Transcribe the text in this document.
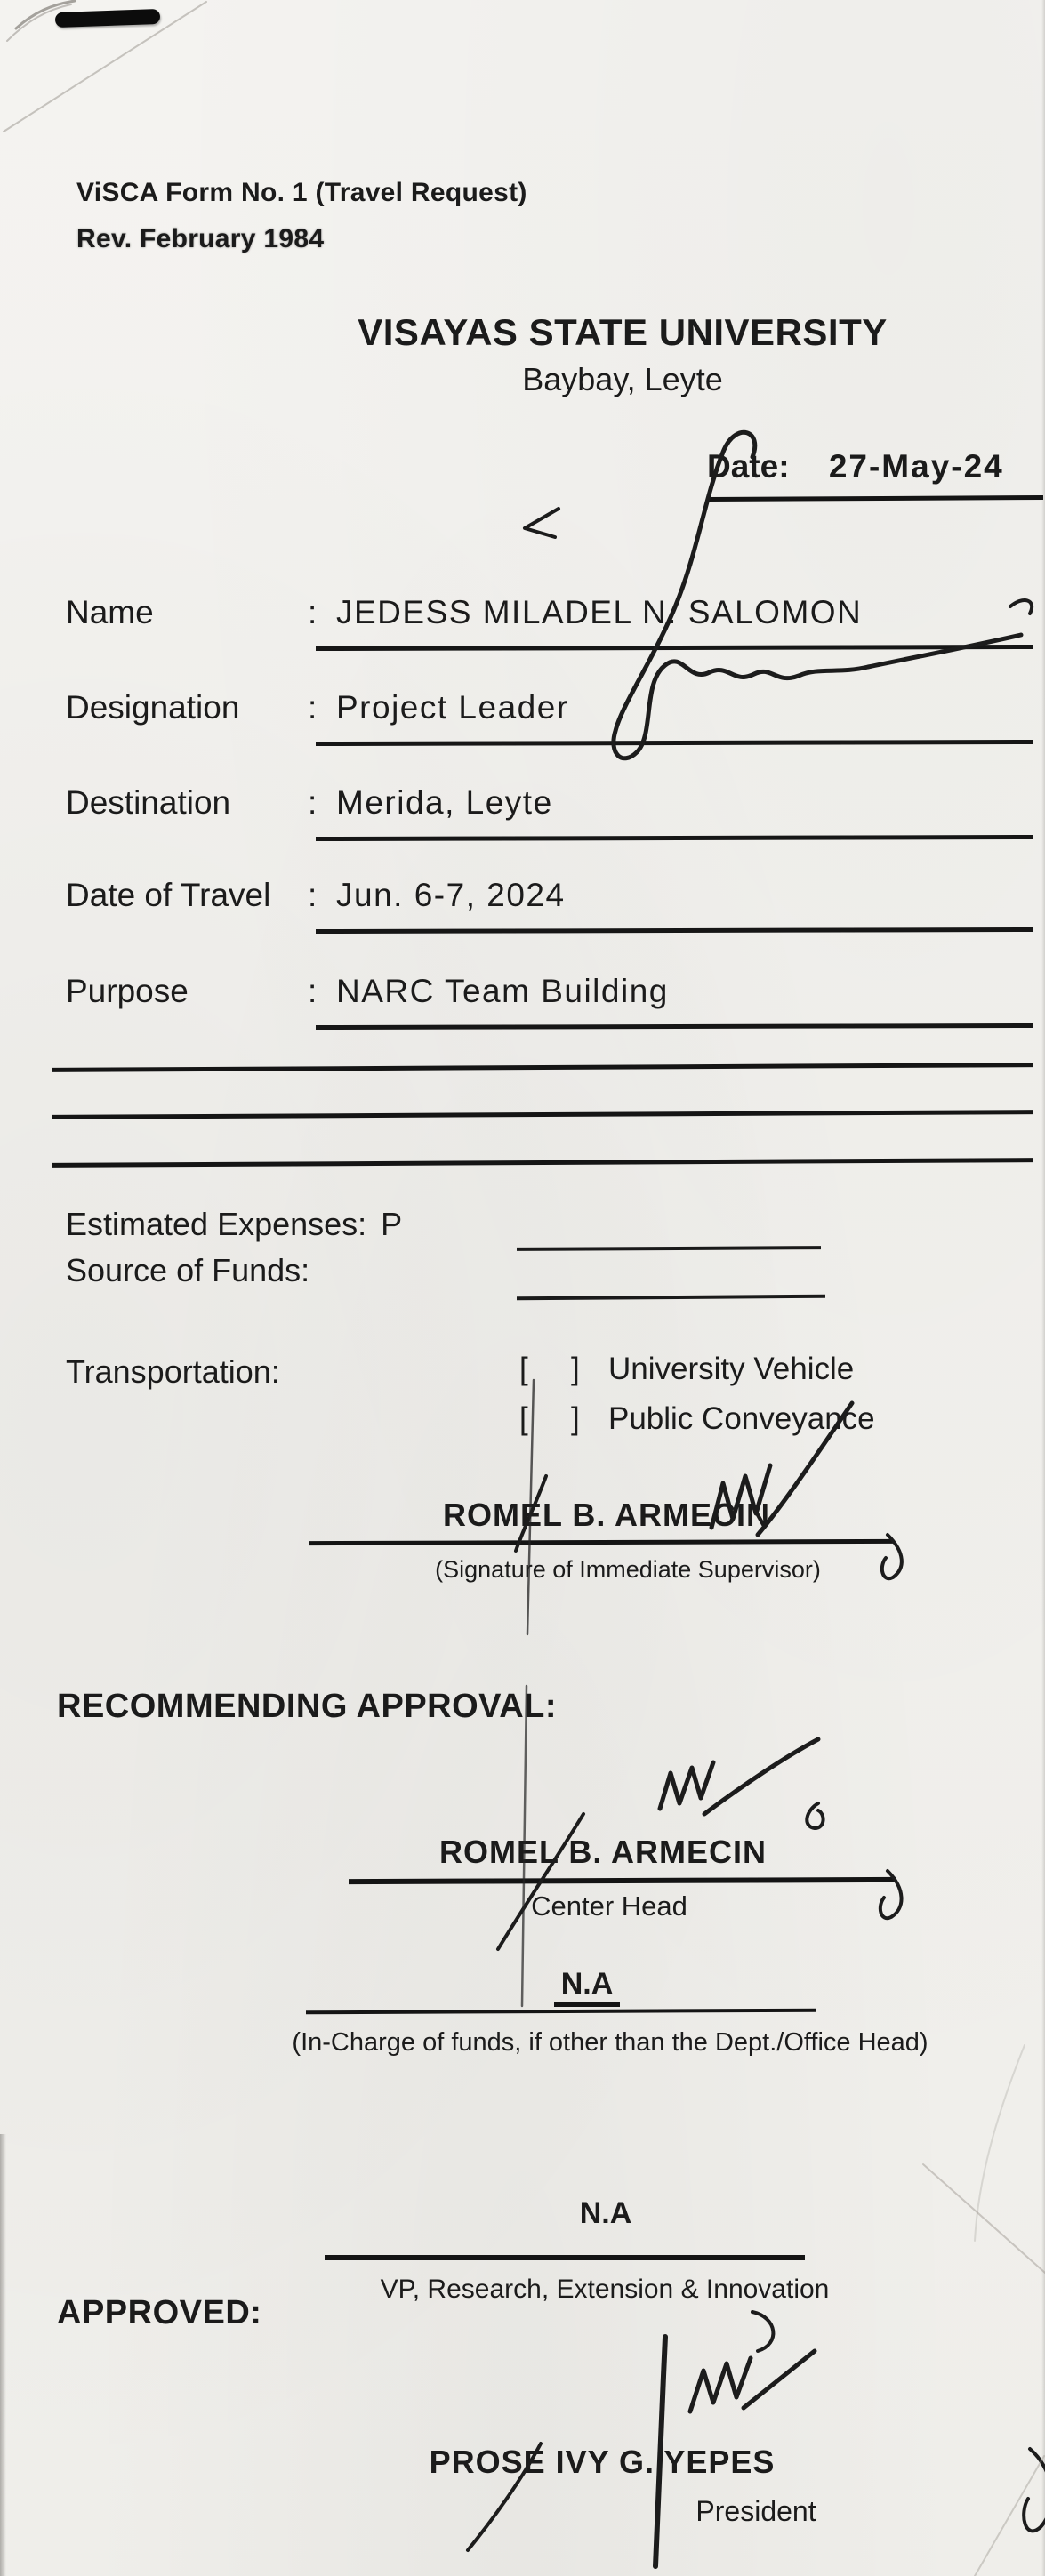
ViSCA Form No. 1 (Travel Request)
Rev. February 1984
VISAYAS STATE UNIVERSITY
Baybay, Leyte
Date: 27-May-24
Name	: JEDESS MILADEL N. SALOMON
Designation : Project Leader
Destination : Merida, Leyte
Date of Travel : Jun. 6-7, 2024
Purpose	: NARC Team Building
Estimated Expenses: P
Source of Funds:
Transportation:	[ ] University Vehicle
[ ] Public Conveyance
ROMEL B. ARMECIN
(Signature of Immediate Supervisor)
RECOMMENDING APPROVAL:
ROMEL B. ARMECIN
Center Head
N.A
(In-Charge of funds, if other than the Dept./Office Head)
N.A
VP, Research, Extension & Innovation
APPROVED:
PROSE IVY G. YEPES
President
